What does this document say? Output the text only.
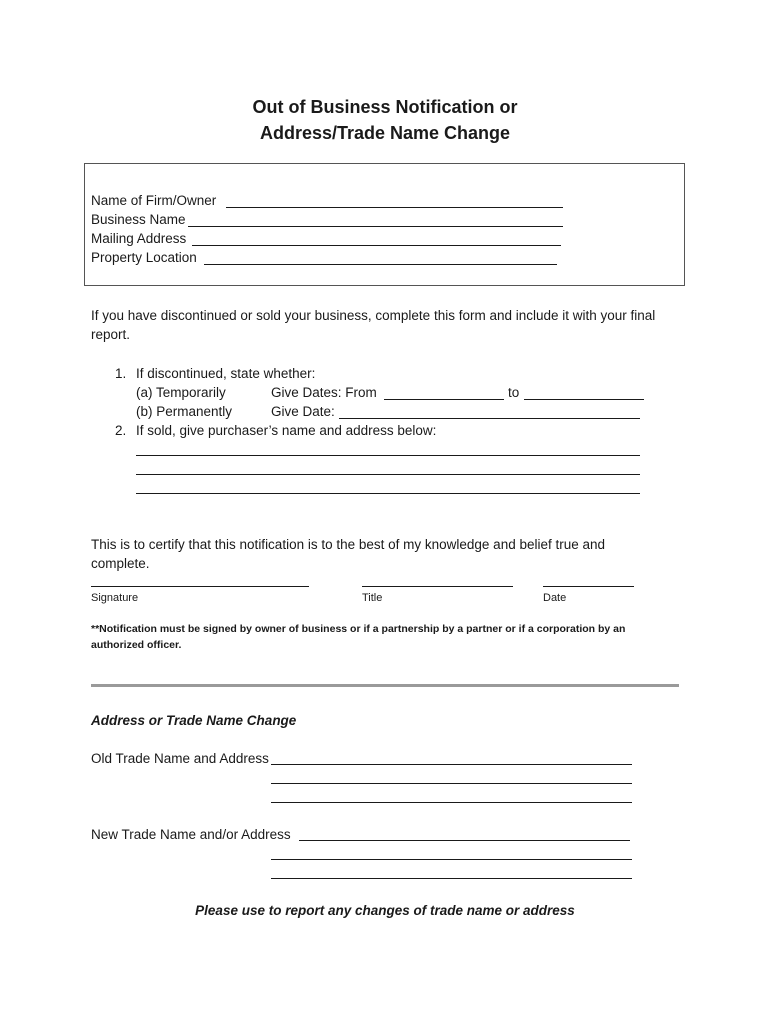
Out of Business Notification or
Address/Trade Name Change
Name of Firm/Owner
Business Name
Mailing Address
Property Location
If you have discontinued or sold your business, complete this form and include it with your final
report.
1. If discontinued, state whether:
(a) Temporarily	Give Dates: From	to
(b) Permanently	Give Date:
2. If sold, give purchaser’s name and address below:
This is to certify that this notification is to the best of my knowledge and belief true and
complete.
Signature	Title	Date
**Notification must be signed by owner of business or if a partnership by a partner or if a corporation by an
authorized officer.
Address or Trade Name Change
Old Trade Name and Address
New Trade Name and/or Address
Please use to report any changes of trade name or address
